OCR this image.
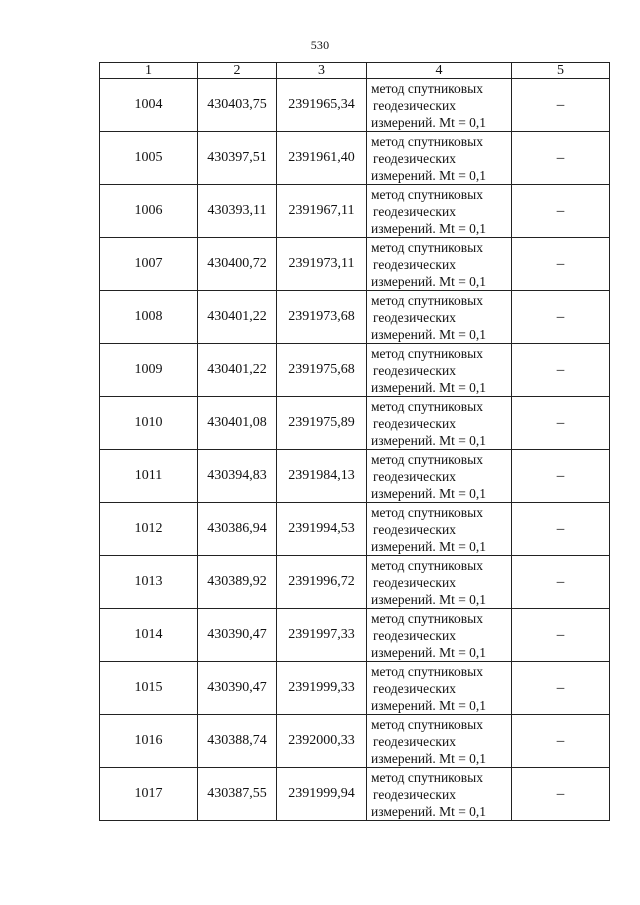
530
1	2	3	4	5
1004	430403,75	2391965,34	метод спутниковых
геодезических
измерений. Mt = 0,1	–
1005	430397,51	2391961,40	метод спутниковых
геодезических
измерений. Mt = 0,1	–
1006	430393,11	2391967,11	метод спутниковых
геодезических
измерений. Mt = 0,1	–
1007	430400,72	2391973,11	метод спутниковых
геодезических
измерений. Mt = 0,1	–
1008	430401,22	2391973,68	метод спутниковых
геодезических
измерений. Mt = 0,1	–
1009	430401,22	2391975,68	метод спутниковых
геодезических
измерений. Mt = 0,1	–
1010	430401,08	2391975,89	метод спутниковых
геодезических
измерений. Mt = 0,1	–
1011	430394,83	2391984,13	метод спутниковых
геодезических
измерений. Mt = 0,1	–
1012	430386,94	2391994,53	метод спутниковых
геодезических
измерений. Mt = 0,1	–
1013	430389,92	2391996,72	метод спутниковых
геодезических
измерений. Mt = 0,1	–
1014	430390,47	2391997,33	метод спутниковых
геодезических
измерений. Mt = 0,1	–
1015	430390,47	2391999,33	метод спутниковых
геодезических
измерений. Mt = 0,1	–
1016	430388,74	2392000,33	метод спутниковых
геодезических
измерений. Mt = 0,1	–
1017	430387,55	2391999,94	метод спутниковых
геодезических
измерений. Mt = 0,1	–
